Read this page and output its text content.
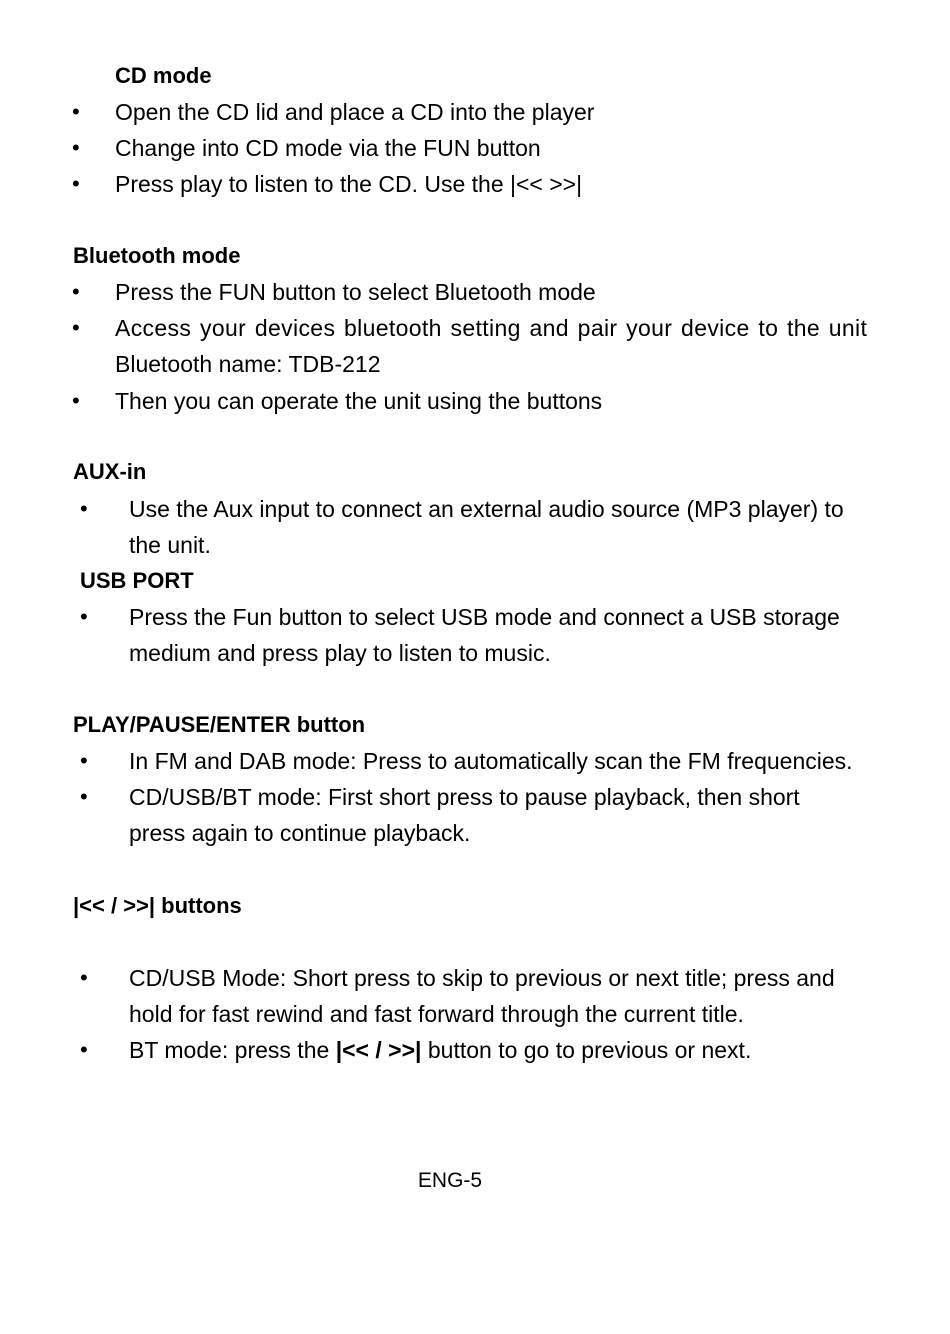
CD mode
• Open the CD lid and place a CD into the player
• Change into CD mode via the FUN button
• Press play to listen to the CD. Use the |<< >>|
Bluetooth mode
• Press the FUN button to select Bluetooth mode
• Access your devices bluetooth setting and pair your device to the unit
Bluetooth name: TDB-212
• Then you can operate the unit using the buttons
AUX-in
• Use the Aux input to connect an external audio source (MP3 player) to
the unit.
USB PORT
• Press the Fun button to select USB mode and connect a USB storage
medium and press play to listen to music.
PLAY/PAUSE/ENTER button
• In FM and DAB mode: Press to automatically scan the FM frequencies.
• CD/USB/BT mode: First short press to pause playback, then short
press again to continue playback.
|<< / >>| buttons
• CD/USB Mode: Short press to skip to previous or next title; press and
hold for fast rewind and fast forward through the current title.
• BT mode: press the |<< / >>| button to go to previous or next.
ENG-5
